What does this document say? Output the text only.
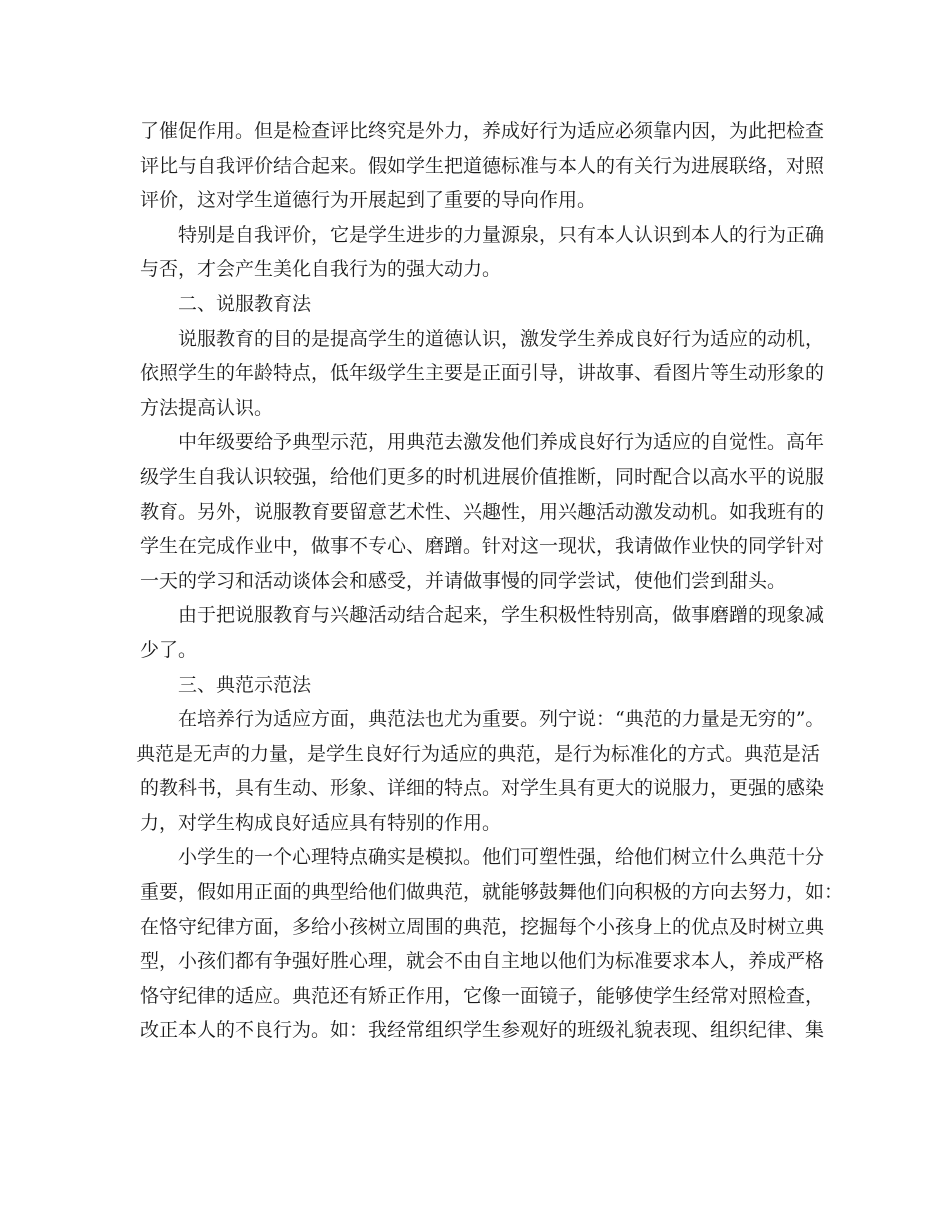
了催促作用。但是检查评比终究是外力，养成好行为适应必须靠内因，为此把检查
评比与自我评价结合起来。假如学生把道德标准与本人的有关行为进展联络，对照
评价，这对学生道德行为开展起到了重要的导向作用。
特别是自我评价，它是学生进步的力量源泉，只有本人认识到本人的行为正确
与否，才会产生美化自我行为的强大动力。
二、说服教育法
说服教育的目的是提高学生的道德认识，激发学生养成良好行为适应的动机，
依照学生的年龄特点，低年级学生主要是正面引导，讲故事、看图片等生动形象的
方法提高认识。
中年级要给予典型示范，用典范去激发他们养成良好行为适应的自觉性。高年
级学生自我认识较强，给他们更多的时机进展价值推断，同时配合以高水平的说服
教育。另外，说服教育要留意艺术性、兴趣性，用兴趣活动激发动机。如我班有的
学生在完成作业中，做事不专心、磨蹭。针对这一现状，我请做作业快的同学针对
一天的学习和活动谈体会和感受，并请做事慢的同学尝试，使他们尝到甜头。
由于把说服教育与兴趣活动结合起来，学生积极性特别高，做事磨蹭的现象减
少了。
三、典范示范法
在培养行为适应方面，典范法也尤为重要。列宁说：“典范的力量是无穷的”。
典范是无声的力量，是学生良好行为适应的典范，是行为标准化的方式。典范是活
的教科书，具有生动、形象、详细的特点。对学生具有更大的说服力，更强的感染
力，对学生构成良好适应具有特别的作用。
小学生的一个心理特点确实是模拟。他们可塑性强，给他们树立什么典范十分
重要，假如用正面的典型给他们做典范，就能够鼓舞他们向积极的方向去努力，如：
在恪守纪律方面，多给小孩树立周围的典范，挖掘每个小孩身上的优点及时树立典
型，小孩们都有争强好胜心理，就会不由自主地以他们为标准要求本人，养成严格
恪守纪律的适应。典范还有矫正作用，它像一面镜子，能够使学生经常对照检查，
改正本人的不良行为。如：我经常组织学生参观好的班级礼貌表现、组织纪律、集
